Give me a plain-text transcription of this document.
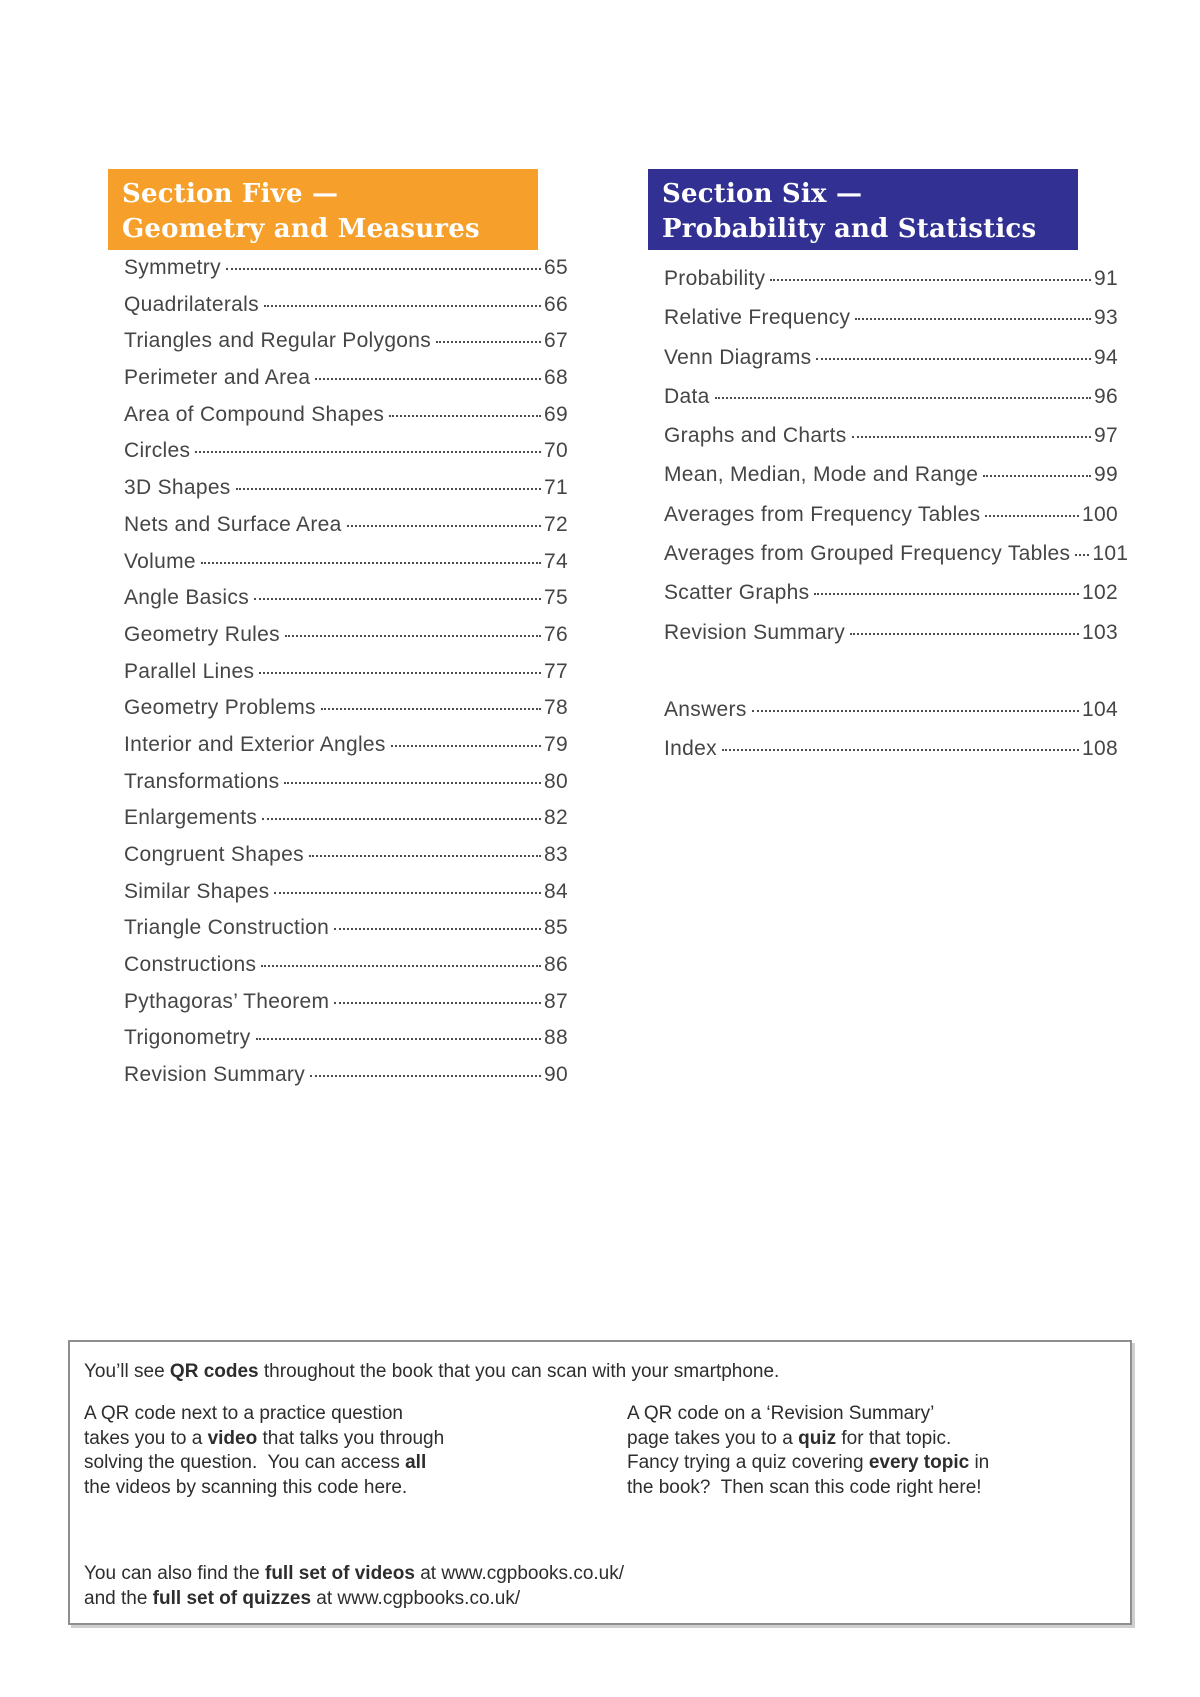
Section Five —
Geometry and Measures
Symmetry	65
Quadrilaterals	66
Triangles and Regular Polygons	67
Perimeter and Area	68
Area of Compound Shapes	69
Circles	70
3D Shapes	71
Nets and Surface Area	72
Volume	74
Angle Basics	75
Geometry Rules	76
Parallel Lines	77
Geometry Problems	78
Interior and Exterior Angles	79
Transformations	80
Enlargements	82
Congruent Shapes	83
Similar Shapes	84
Triangle Construction	85
Constructions	86
Pythagoras’ Theorem	87
Trigonometry	88
Revision Summary	90
Section Six —
Probability and Statistics
Probability	91
Relative Frequency	93
Venn Diagrams	94
Data	96
Graphs and Charts	97
Mean, Median, Mode and Range	99
Averages from Frequency Tables	100
Averages from Grouped Frequency Tables 101
Scatter Graphs	102
Revision Summary	103
Answers	104
Index	108
You’ll see QR codes throughout the book that you can scan with your smartphone.
A QR code next to a practice question
takes you to a video that talks you through
solving the question.  You can access all
the videos by scanning this code here.
A QR code on a ‘Revision Summary’
page takes you to a quiz for that topic.
Fancy trying a quiz covering every topic in
the book?  Then scan this code right here!
You can also find the full set of videos at www.cgpbooks.co.uk/
and the full set of quizzes at www.cgpbooks.co.uk/
